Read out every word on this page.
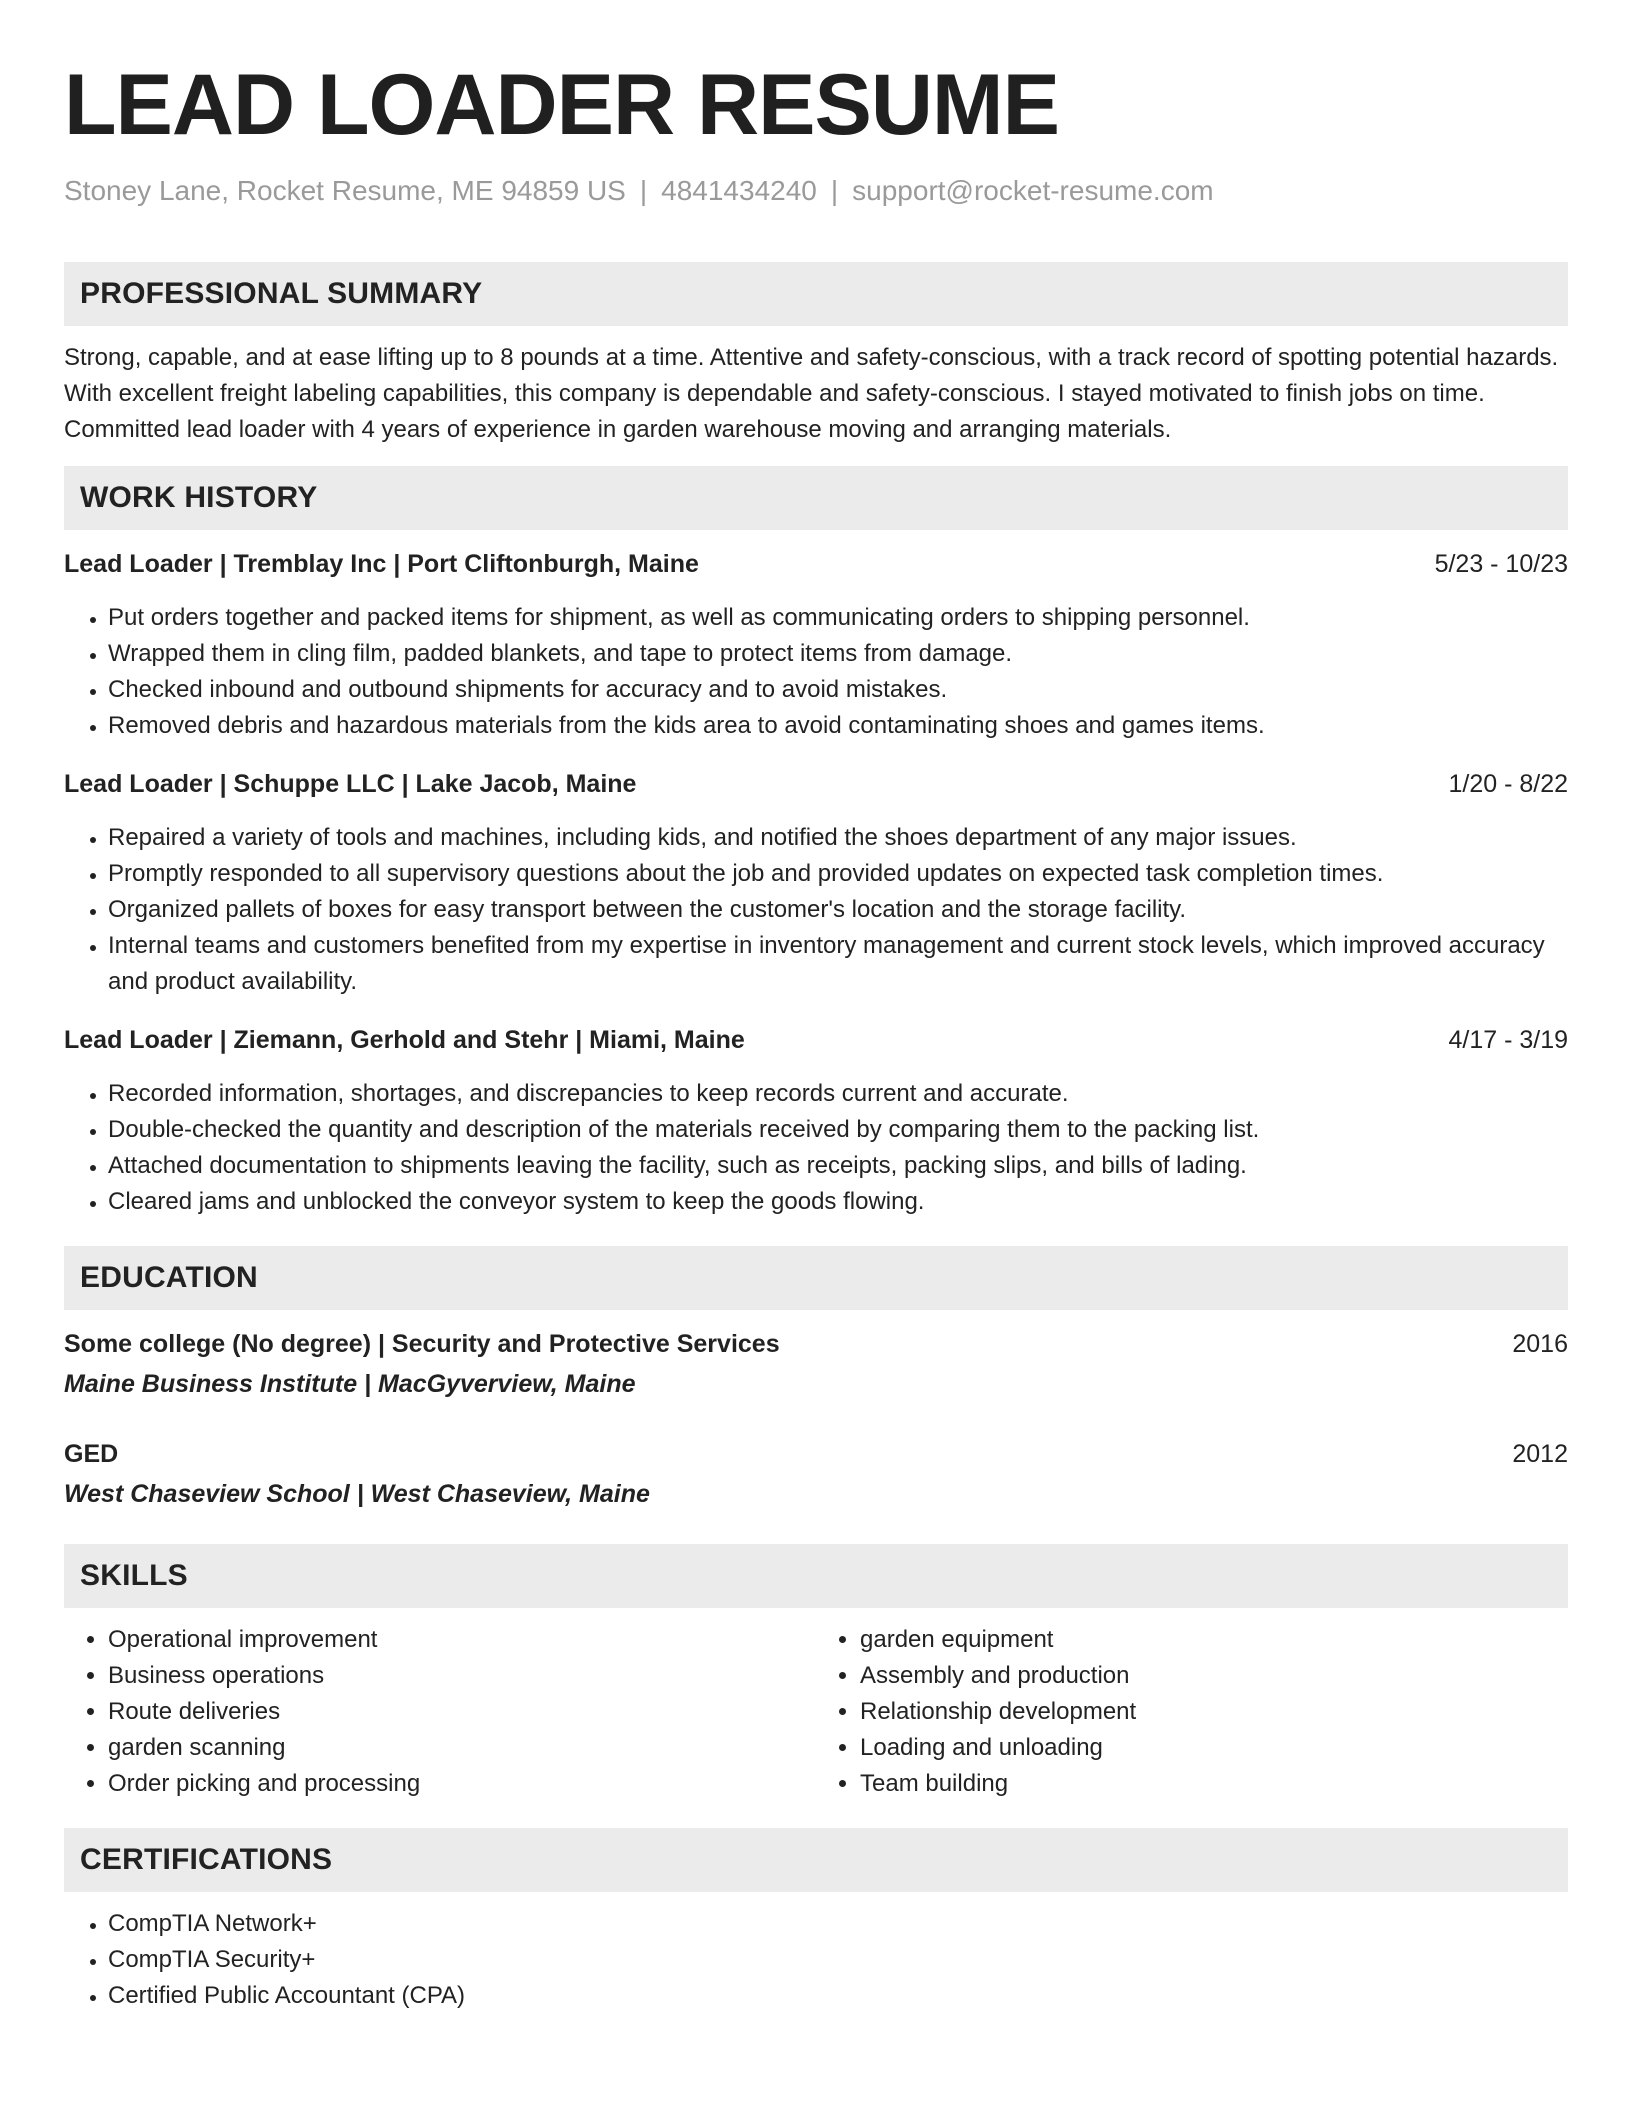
LEAD LOADER RESUME
Stoney Lane, Rocket Resume, ME 94859 US | 4841434240 | support@rocket-resume.com
PROFESSIONAL SUMMARY

Strong, capable, and at ease lifting up to 8 pounds at a time. Attentive and safety-conscious, with a track record of spotting potential hazards. With excellent freight labeling capabilities, this company is dependable and safety-conscious. I stayed motivated to finish jobs on time. Committed lead loader with 4 years of experience in garden warehouse moving and arranging materials.

WORK HISTORY
Lead Loader | Tremblay Inc | Port Cliftonburgh, Maine	5/23 - 10/23
• Put orders together and packed items for shipment, as well as communicating orders to shipping personnel.
• Wrapped them in cling film, padded blankets, and tape to protect items from damage.
• Checked inbound and outbound shipments for accuracy and to avoid mistakes.
• Removed debris and hazardous materials from the kids area to avoid contaminating shoes and games items.
Lead Loader | Schuppe LLC | Lake Jacob, Maine	1/20 - 8/22
• Repaired a variety of tools and machines, including kids, and notified the shoes department of any major issues.
• Promptly responded to all supervisory questions about the job and provided updates on expected task completion times.
• Organized pallets of boxes for easy transport between the customer's location and the storage facility.
• Internal teams and customers benefited from my expertise in inventory management and current stock levels, which improved accuracy and product availability.
Lead Loader | Ziemann, Gerhold and Stehr | Miami, Maine	4/17 - 3/19
• Recorded information, shortages, and discrepancies to keep records current and accurate.
• Double-checked the quantity and description of the materials received by comparing them to the packing list.
• Attached documentation to shipments leaving the facility, such as receipts, packing slips, and bills of lading.
• Cleared jams and unblocked the conveyor system to keep the goods flowing.
EDUCATION
Some college (No degree) | Security and Protective Services	2016
Maine Business Institute | MacGyverview, Maine
GED	2012
West Chaseview School | West Chaseview, Maine
SKILLS
• Operational improvement
• Business operations
• Route deliveries
• garden scanning
• Order picking and processing
• garden equipment
• Assembly and production
• Relationship development
• Loading and unloading
• Team building
CERTIFICATIONS
• CompTIA Network+
• CompTIA Security+
• Certified Public Accountant (CPA)
